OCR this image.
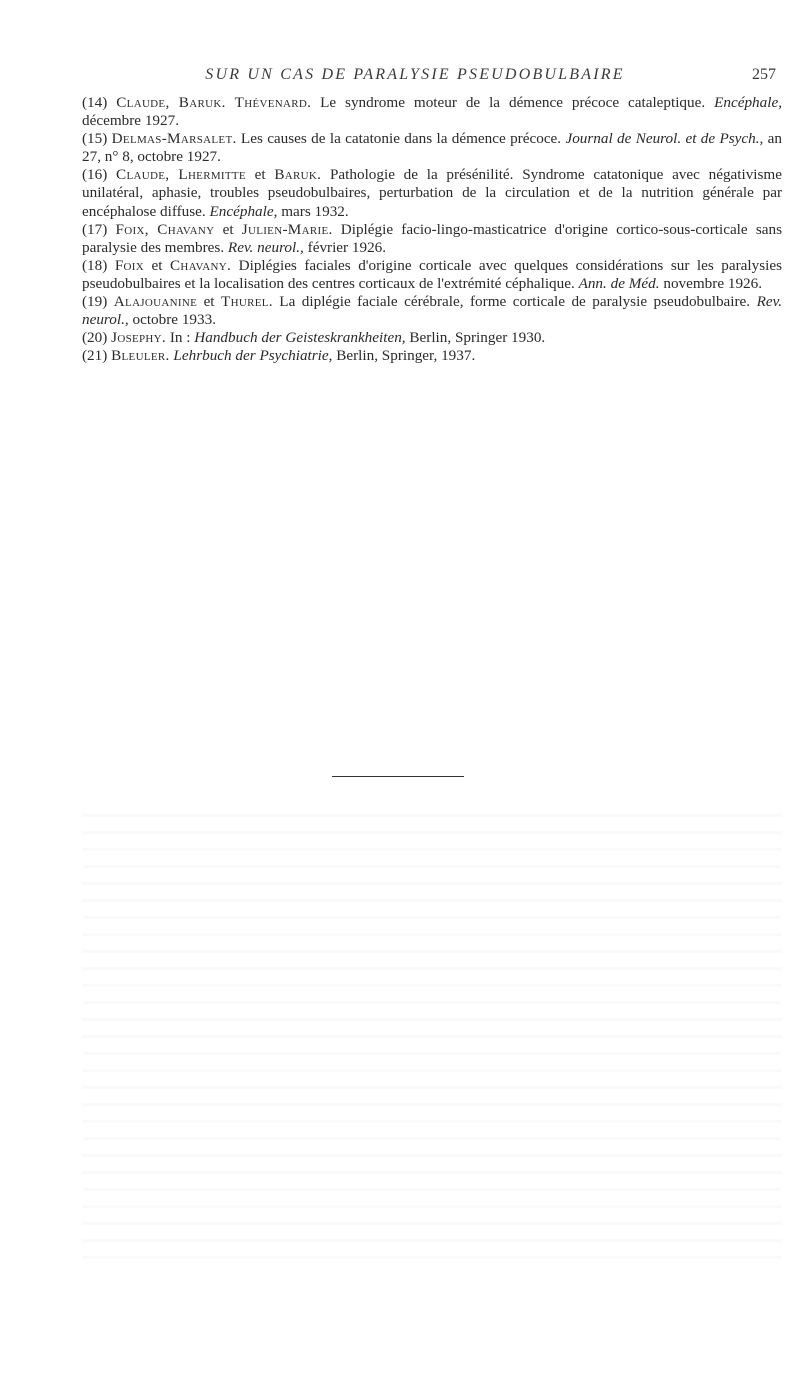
SUR UN CAS DE PARALYSIE PSEUDOBULBAIRE	257

(14) Claude, Baruk. Thévenard. Le syndrome moteur de la démence précoce cataleptique. Encéphale, décembre 1927.

(15) Delmas-Marsalet. Les causes de la catatonie dans la démence précoce. Journal de Neurol. et de Psych., an 27, n° 8, octobre 1927.

(16) Claude, Lhermitte et Baruk. Pathologie de la présénilité. Syndrome catatonique avec négativisme unilatéral, aphasie, troubles pseudobulbaires, perturbation de la circulation et de la nutrition générale par encéphalose diffuse. Encéphale, mars 1932.

(17) Foix, Chavany et Julien-Marie. Diplégie facio-lingo-masticatrice d'origine cortico-sous-corticale sans paralysie des membres. Rev. neurol., février 1926.

(18) Foix et Chavany. Diplégies faciales d'origine corticale avec quelques considérations sur les paralysies pseudobulbaires et la localisation des centres corticaux de l'extrémité céphalique. Ann. de Méd. novembre 1926.

(19) Alajouanine et Thurel. La diplégie faciale cérébrale, forme corticale de paralysie pseudobulbaire. Rev. neurol., octobre 1933.

(20) Josephy. In : Handbuch der Geisteskrankheiten, Berlin, Springer 1930.

(21) Bleuler. Lehrbuch der Psychiatrie, Berlin, Springer, 1937.
